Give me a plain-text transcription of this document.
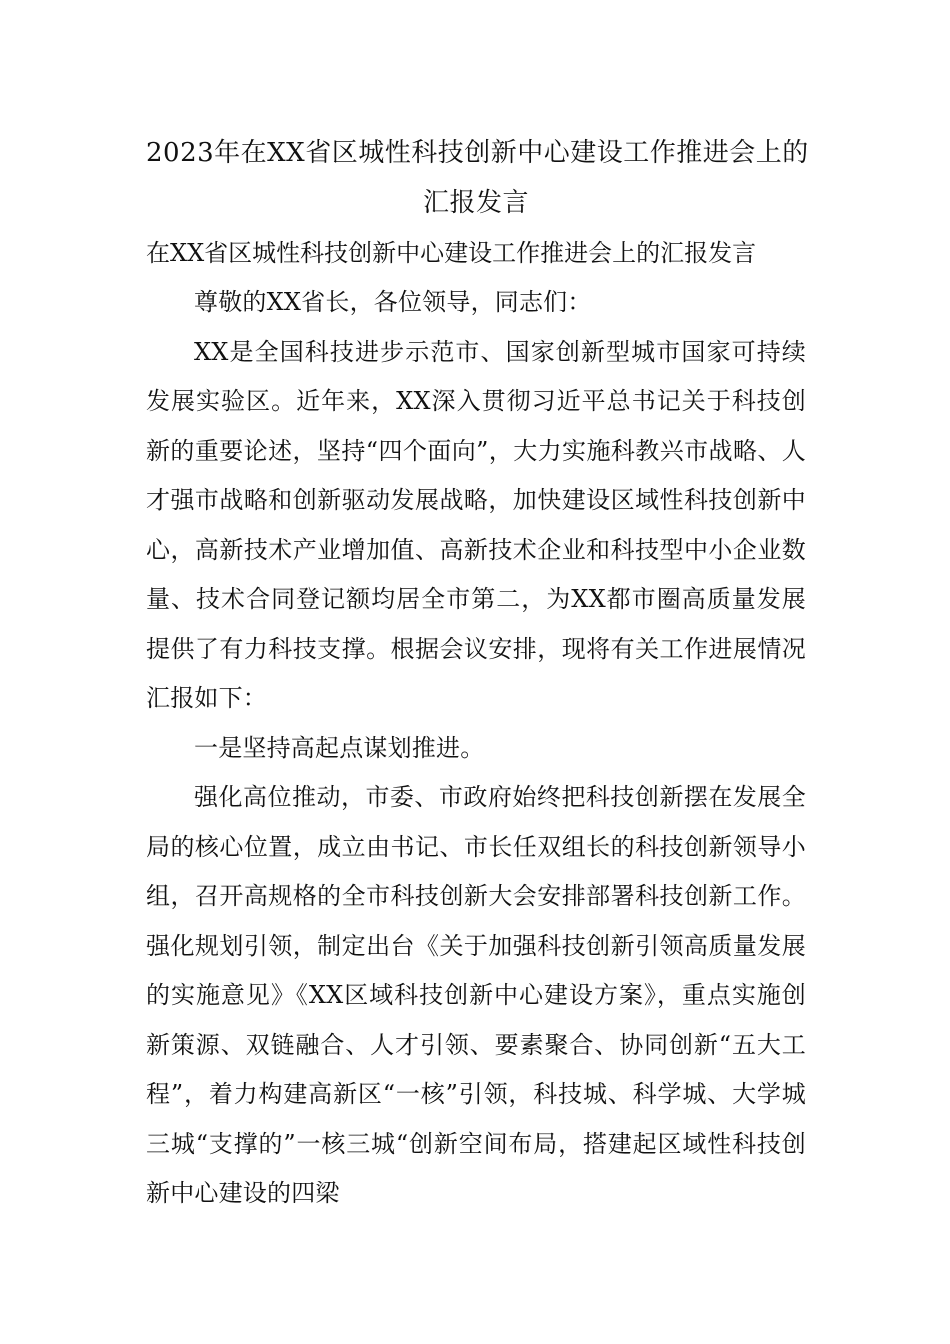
2023年在XX省区城性科技创新中心建设工作推进会上的
汇报发言

在XX省区城性科技创新中心建设工作推进会上的汇报发言

尊敬的XX省长，各位领导，同志们：

XX是全国科技进步示范市、国家创新型城市国家可持续发展实验区。近年来，XX深入贯彻习近平总书记关于科技创新的重要论述，坚持“四个面向”，大力实施科教兴市战略、人才强市战略和创新驱动发展战略，加快建设区域性科技创新中心，高新技术产业增加值、高新技术企业和科技型中小企业数量、技术合同登记额均居全市第二，为XX都市圈高质量发展提供了有力科技支撑。根据会议安排，现将有关工作进展情况汇报如下：

一是坚持高起点谋划推进。

强化高位推动，市委、市政府始终把科技创新摆在发展全局的核心位置，成立由书记、市长任双组长的科技创新领导小组，召开高规格的全市科技创新大会安排部署科技创新工作。强化规划引领，制定出台《关于加强科技创新引领高质量发展的实施意见》《XX区域科技创新中心建设方案》，重点实施创新策源、双链融合、人才引领、要素聚合、协同创新“五大工程”，着力构建高新区“一核”引领，科技城、科学城、大学城三城“支撑的”一核三城“创新空间布局，搭建起区域性科技创新中心建设的四梁
